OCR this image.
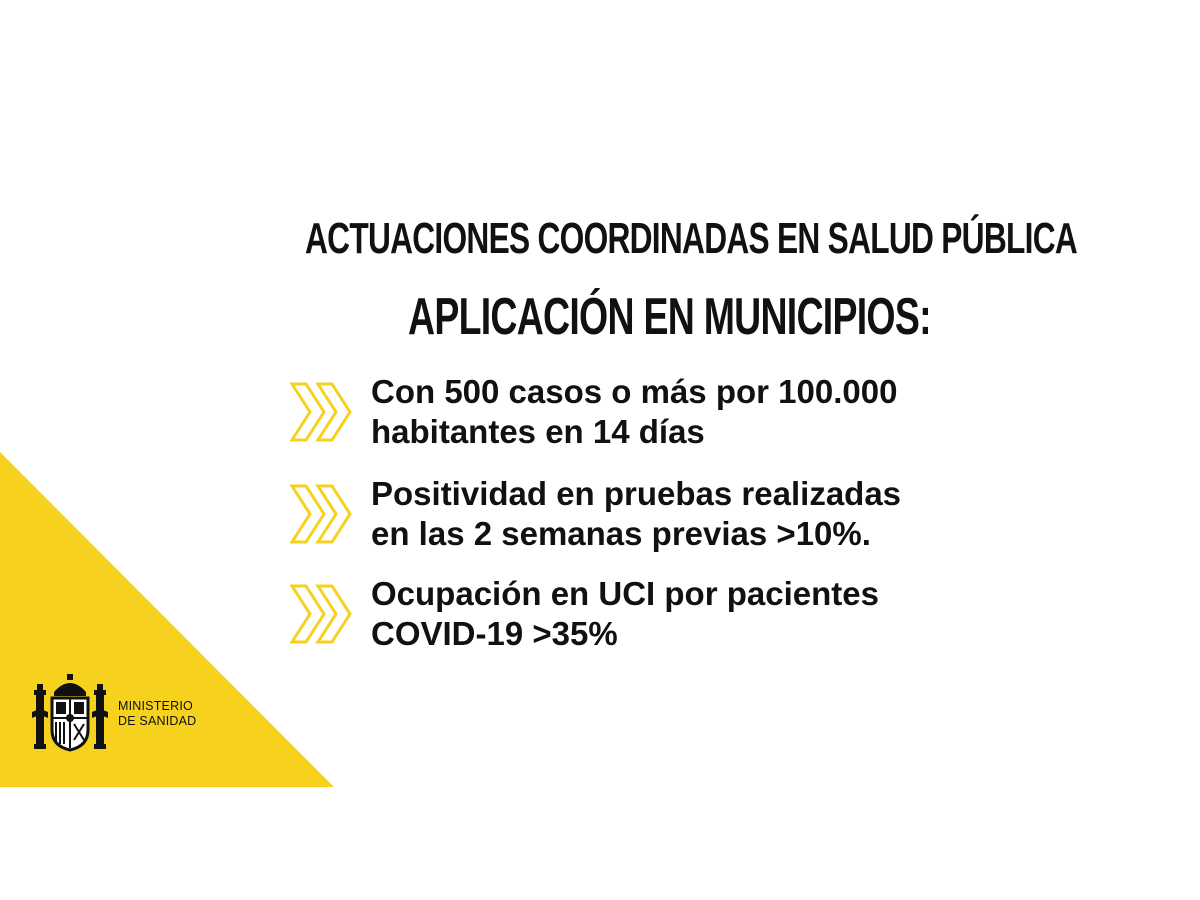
ACTUACIONES COORDINADAS EN SALUD PÚBLICA
APLICACIÓN EN MUNICIPIOS:
Con 500 casos o más por 100.000
habitantes en 14 días
Positividad en pruebas realizadas
en las 2 semanas previas >10%.
Ocupación en UCI por pacientes
COVID-19 >35%
MINISTERIO
DE SANIDAD
